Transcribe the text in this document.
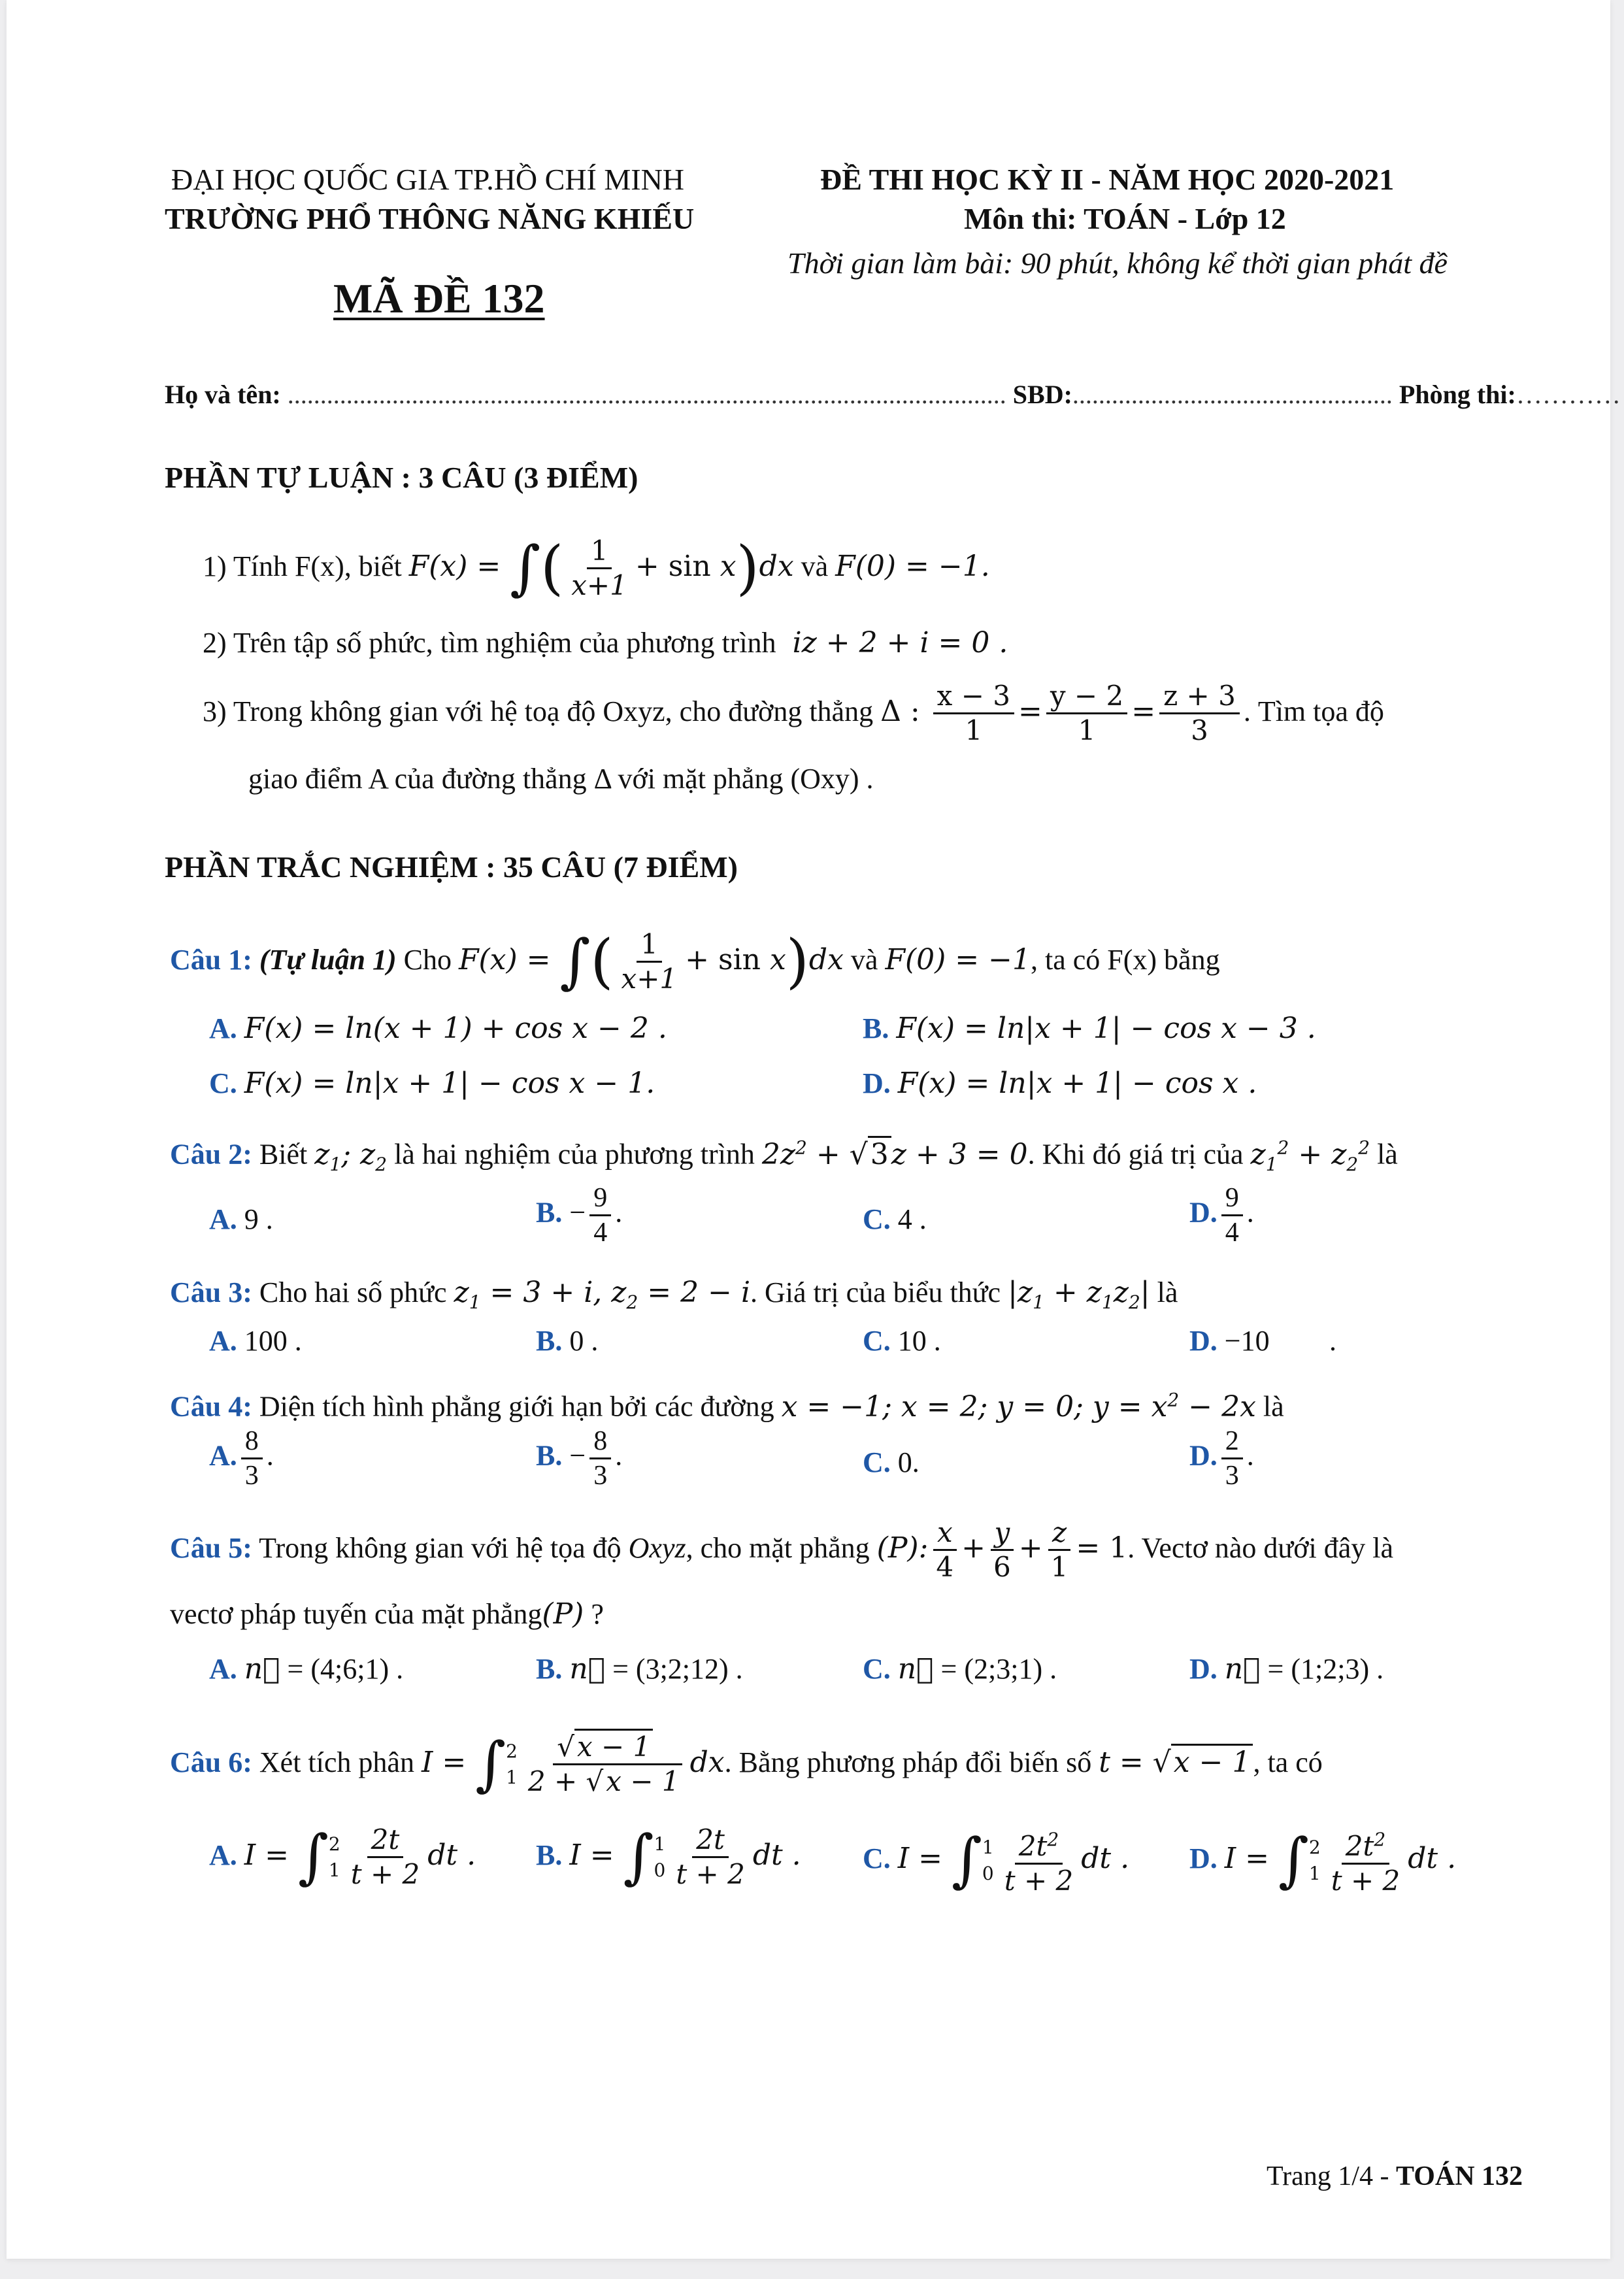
ĐẠI HỌC QUỐC GIA TP.HỒ CHÍ MINH
TRƯỜNG PHỔ THÔNG NĂNG KHIẾU
ĐỀ THI HỌC KỲ II - NĂM HỌC 2020-2021
Môn thi: TOÁN - Lớp 12
Thời gian làm bài: 90 phút, không kể thời gian phát đề
MÃ ĐỀ 132
Họ và tên: .............................................................................................................. SBD:................................................. Phòng thi:…………
PHẦN TỰ LUẬN : 3 CÂU (3 ĐIỂM)
1) Tính F(x), biết F(x) = ∫( $\frac{1}{x+1} + \sin x)dx$ và F(0) = −1.
2) Trên tập số phức, tìm nghiệm của phương trình iz + 2 + i = 0 .
3) Trong không gian với hệ toạ độ Oxyz, cho đường thẳng Δ : $\frac{x - 3}{1} = \frac{y - 2}{1} = \frac{z + 3}{3}$ . Tìm tọa độ
giao điểm A của đường thẳng Δ với mặt phẳng (Oxy) .
PHẦN TRẮC NGHIỆM : 35 CÂU (7 ĐIỂM)
Câu 1: (Tự luận 1) Cho F(x) = ∫( $\frac{1}{x+1} + \sin x)dx$ và F(0) = −1, ta có F(x) bằng
A. F(x) = ln(x + 1) + cos x − 2 .	B. F(x) = ln|x + 1| − cos x − 3 .
C. F(x) = ln|x + 1| − cos x − 1.	D. F(x) = ln|x + 1| − cos x .
Câu 2: Biết $z_1$; $z_2$ là hai nghiệm của phương trình $2z^2 + √3z + 3 = 0$. Khi đó giá trị của $z_1^2 + z_2^2$ là
A. 9 .	B. − $\frac{9}{4}$ .	C. 4 .	D. $\frac{9}{4}$ .
Câu 3: Cho hai số phức $z_1 = 3 + i$, $z_2 = 2 - i$. Giá trị của biểu thức $|z_1 + z_1z_2|$ là
A. 100 .	B. 0 .	C. 10 .	D. −10 .
Câu 4: Diện tích hình phẳng giới hạn bởi các đường x = −1; x = 2; y = 0; $y = x^2 - 2x$ là
A. $\frac{8}{3}$ .	B. − $\frac{8}{3}$ .	C. 0.	D. $\frac{2}{3}$ .
Câu 5: Trong không gian với hệ tọa độ Oxyz, cho mặt phẳng (P): $\frac{x}{4} + \frac{y}{6} + \frac{z}{1} = 1$. Vectơ nào dưới đây là
vectơ pháp tuyến của mặt phẳng(P) ?
A. n⃗ = (4;6;1) .	B. n⃗ = (3;2;12) .	C. n⃗ = (2;3;1) .	D. n⃗ = (1;2;3) .
Câu 6: Xét tích phân I = ∫ 2
$1 \frac{√x - 1}{2 + √x - 1}$ dx. Bằng phương pháp đổi biến số t = √x − 1, ta có
A. I = ∫ 2
$1 \frac{2t}{t + 2}$ dt . B. I = ∫ 1
$0 \frac{2t}{t + 2}$ dt . C. I = ∫ 1
$0 \frac{2t^2}{t + 2}$ dt . D. I = ∫ 2
$1 \frac{2t^2}{t + 2}$ dt .
Trang 1/4 - TOÁN 132
